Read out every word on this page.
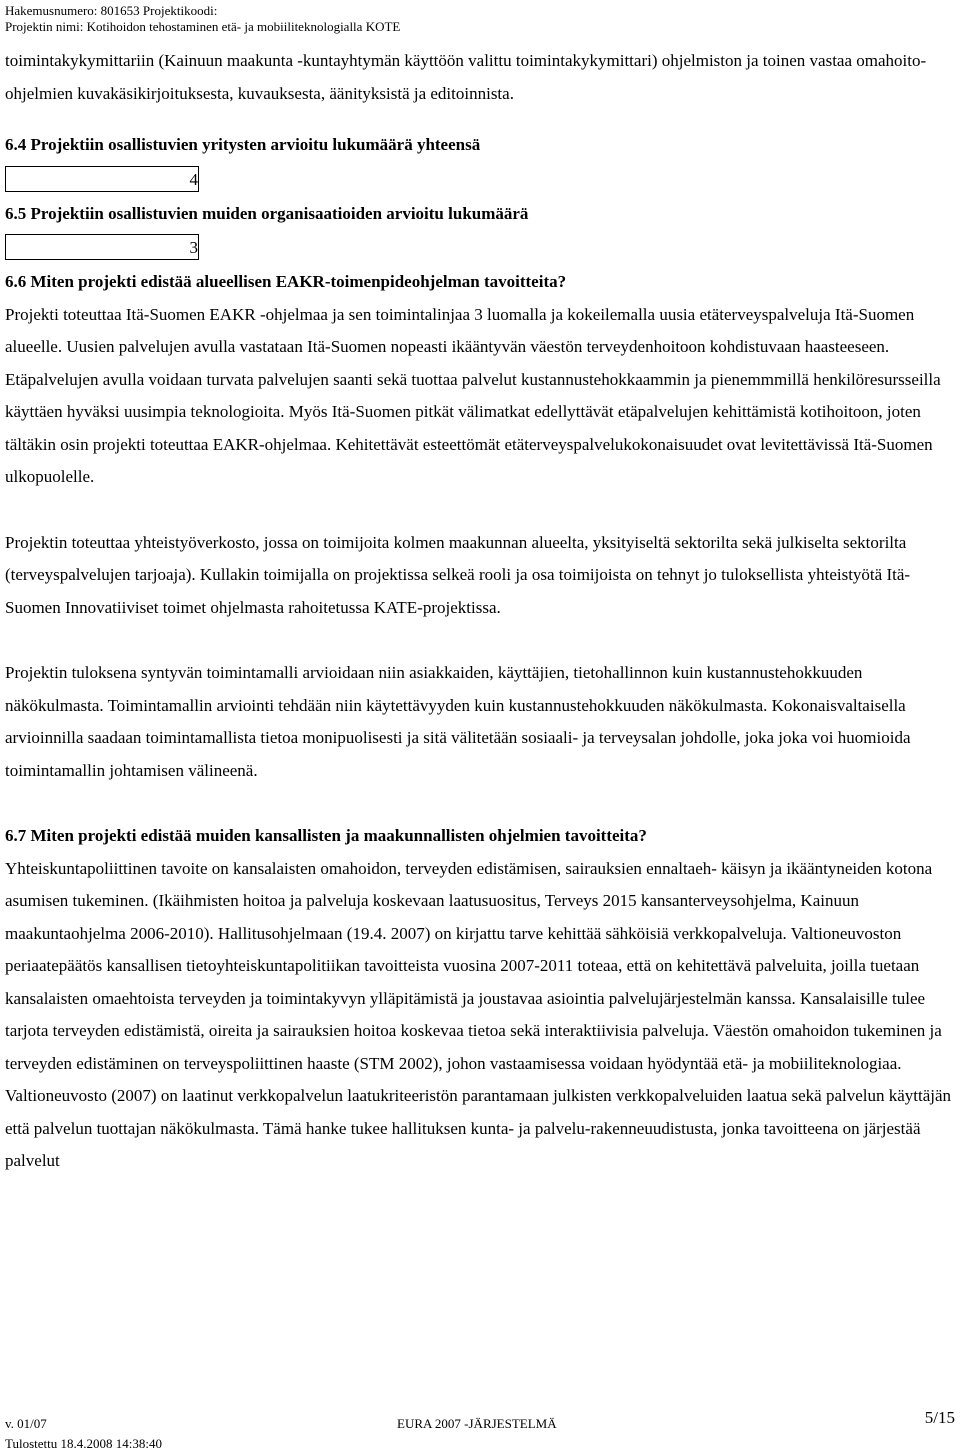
Hakemusnumero: 801653 Projektikoodi:
Projektin nimi: Kotihoidon tehostaminen etä- ja mobiiliteknologialla KOTE

toimintakykymittariin (Kainuun maakunta -kuntayhtymän käyttöön valittu toimintakykymittari) ohjelmiston ja toinen vastaa omahoito-ohjelmien kuvakäsikirjoituksesta, kuvauksesta, äänityksistä ja editoinnista.

6.4 Projektiin osallistuvien yritysten arvioitu lukumäärä yhteensä

4

6.5 Projektiin osallistuvien muiden organisaatioiden arvioitu lukumäärä

3

6.6 Miten projekti edistää alueellisen EAKR-toimenpideohjelman tavoitteita?

Projekti toteuttaa Itä-Suomen EAKR -ohjelmaa ja sen toimintalinjaa 3 luomalla ja kokeilemalla uusia etäterveyspalveluja Itä-Suomen alueelle. Uusien palvelujen avulla vastataan Itä-Suomen nopeasti ikääntyvän väestön terveydenhoitoon kohdistuvaan haasteeseen. Etäpalvelujen avulla voidaan turvata palvelujen saanti sekä tuottaa palvelut kustannustehokkaammin ja pienemmmillä henkilöresursseilla käyttäen hyväksi uusimpia teknologioita. Myös Itä-Suomen pitkät välimatkat edellyttävät etäpalvelujen kehittämistä kotihoitoon, joten tältäkin osin projekti toteuttaa EAKR-ohjelmaa. Kehitettävät esteettömät etäterveyspalvelukokonaisuudet ovat levitettävissä Itä-Suomen ulkopuolelle.

Projektin toteuttaa yhteistyöverkosto, jossa on toimijoita kolmen maakunnan alueelta, yksityiseltä sektorilta sekä julkiselta sektorilta (terveyspalvelujen tarjoaja). Kullakin toimijalla on projektissa selkeä rooli ja osa toimijoista on tehnyt jo tuloksellista yhteistyötä Itä-Suomen Innovatiiviset toimet ohjelmasta rahoitetussa KATE-projektissa.

Projektin tuloksena syntyvän toimintamalli arvioidaan niin asiakkaiden, käyttäjien, tietohallinnon kuin kustannustehokkuuden näkökulmasta. Toimintamallin arviointi tehdään niin käytettävyyden kuin kustannustehokkuuden näkökulmasta. Kokonaisvaltaisella arvioinnilla saadaan toimintamallista tietoa monipuolisesti ja sitä välitetään sosiaali- ja terveysalan johdolle, joka joka voi huomioida toimintamallin johtamisen välineenä.

6.7 Miten projekti edistää muiden kansallisten ja maakunnallisten ohjelmien tavoitteita?

Yhteiskuntapoliittinen tavoite on kansalaisten omahoidon, terveyden edistämisen, sairauksien ennaltaeh- käisyn ja ikääntyneiden kotona asumisen tukeminen. (Ikäihmisten hoitoa ja palveluja koskevaan laatusuositus, Terveys 2015 kansanterveysohjelma, Kainuun maakuntaohjelma 2006-2010). Hallitusohjelmaan (19.4. 2007) on kirjattu tarve kehittää sähköisiä verkkopalveluja. Valtioneuvoston periaatepäätös kansallisen tietoyhteiskuntapolitiikan tavoitteista vuosina 2007-2011 toteaa, että on kehitettävä palveluita, joilla tuetaan kansalaisten omaehtoista terveyden ja toimintakyvyn ylläpitämistä ja joustavaa asiointia palvelujärjestelmän kanssa. Kansalaisille tulee tarjota terveyden edistämistä, oireita ja sairauksien hoitoa koskevaa tietoa sekä interaktiivisia palveluja. Väestön omahoidon tukeminen ja terveyden edistäminen on terveyspoliittinen haaste (STM 2002), johon vastaamisessa voidaan hyödyntää etä- ja mobiiliteknologiaa. Valtioneuvosto (2007) on laatinut verkkopalvelun laatukriteeristön parantamaan julkisten verkkopalveluiden laatua sekä palvelun käyttäjän että palvelun tuottajan näkökulmasta. Tämä hanke tukee hallituksen kunta- ja palvelu-rakenneuudistusta, jonka tavoitteena on järjestää palvelut

v. 01/07	EURA 2007 -JÄRJESTELMÄ	5/15
Tulostettu 18.4.2008 14:38:40
